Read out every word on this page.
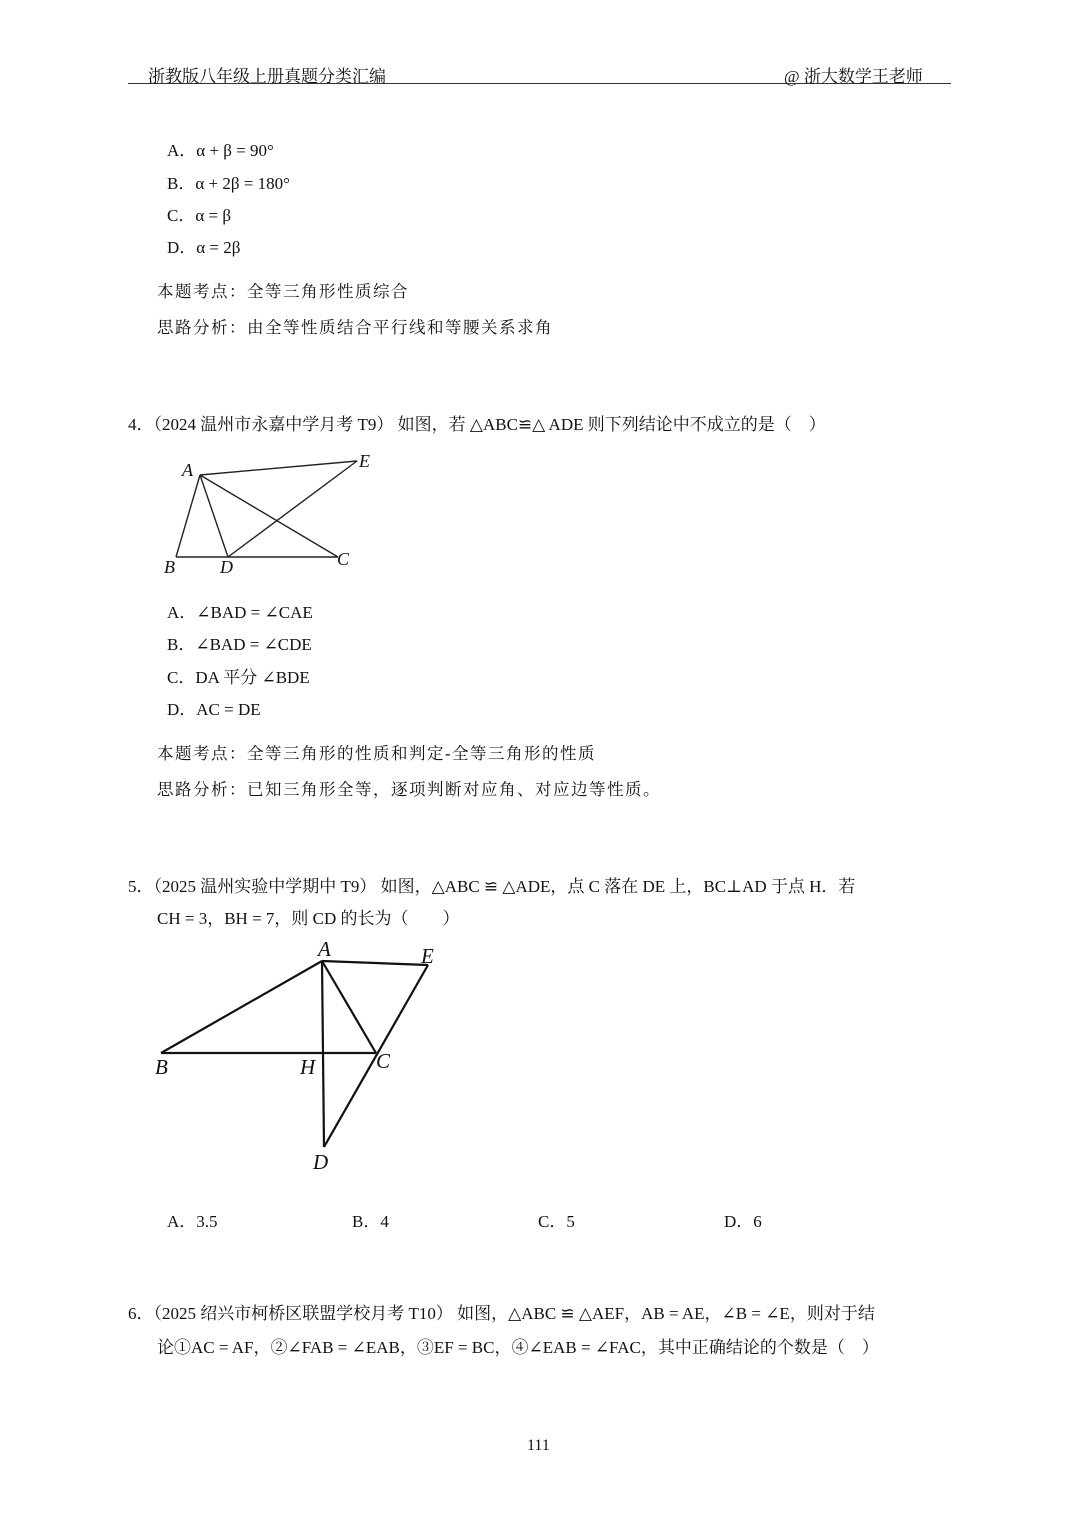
浙教版八年级上册真题分类汇编	@ 浙大数学王老师
A．α + β = 90°
B．α + 2β = 180°
C．α = β
D．α = 2β
本题考点：全等三角形性质综合
思路分析：由全等性质结合平行线和等腰关系求角
4．（2024 温州市永嘉中学月考 T9） 如图，若 △ABC≌△ ADE 则下列结论中不成立的是（　）
A	E
B	D	C
A．∠BAD = ∠CAE
B．∠BAD = ∠CDE
C．DA 平分 ∠BDE
D．AC = DE
本题考点：全等三角形的性质和判定-全等三角形的性质
思路分析：已知三角形全等，逐项判断对应角、对应边等性质。
5．（2025 温州实验中学期中 T9） 如图，△ABC ≌ △ADE，点 C 落在 DE 上，BC⊥AD 于点 H．若
CH = 3，BH = 7，则 CD 的长为（　　）
A	E
B	H	C
D
A．3.5	B．4	C．5	D．6
6．（2025 绍兴市柯桥区联盟学校月考 T10） 如图，△ABC ≌ △AEF，AB = AE，∠B = ∠E，则对于结
论①AC = AF，②∠FAB = ∠EAB，③EF = BC，④∠EAB = ∠FAC，其中正确结论的个数是（　）
111
